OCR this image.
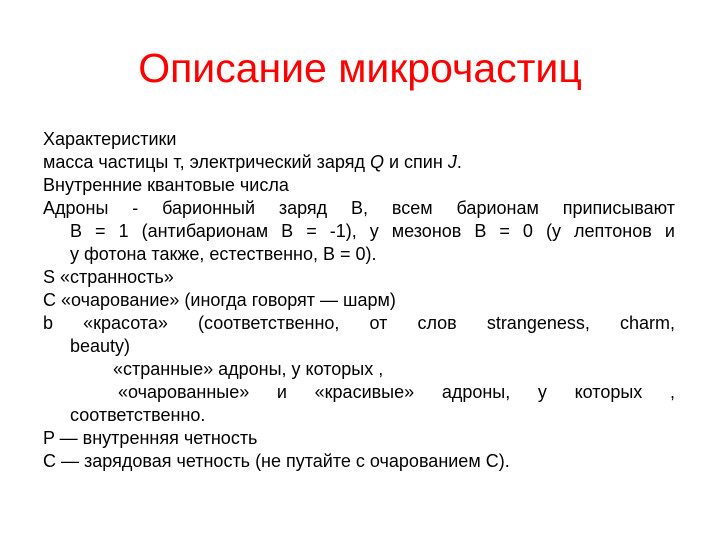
Описание микрочастиц
Характеристики
масса частицы т, электрический заряд Q и спин J.
Внутренние квантовые числа
Адроны - барионный заряд В, всем барионам приписывают
В = 1 (антибарионам В = -1), у мезонов В = 0 (у лептонов и
у фотона также, естественно, В = 0).
S «странность»
C «очарование» (иногда говорят — шарм)
b «красота» (соответственно, от слов strangeness, charm,
beauty)
«странные» адроны, у которых ,
«очарованные» и «красивые» адроны, у которых ,
соответственно.
P — внутренняя четность
C — зарядовая четность (не путайте с очарованием C).
